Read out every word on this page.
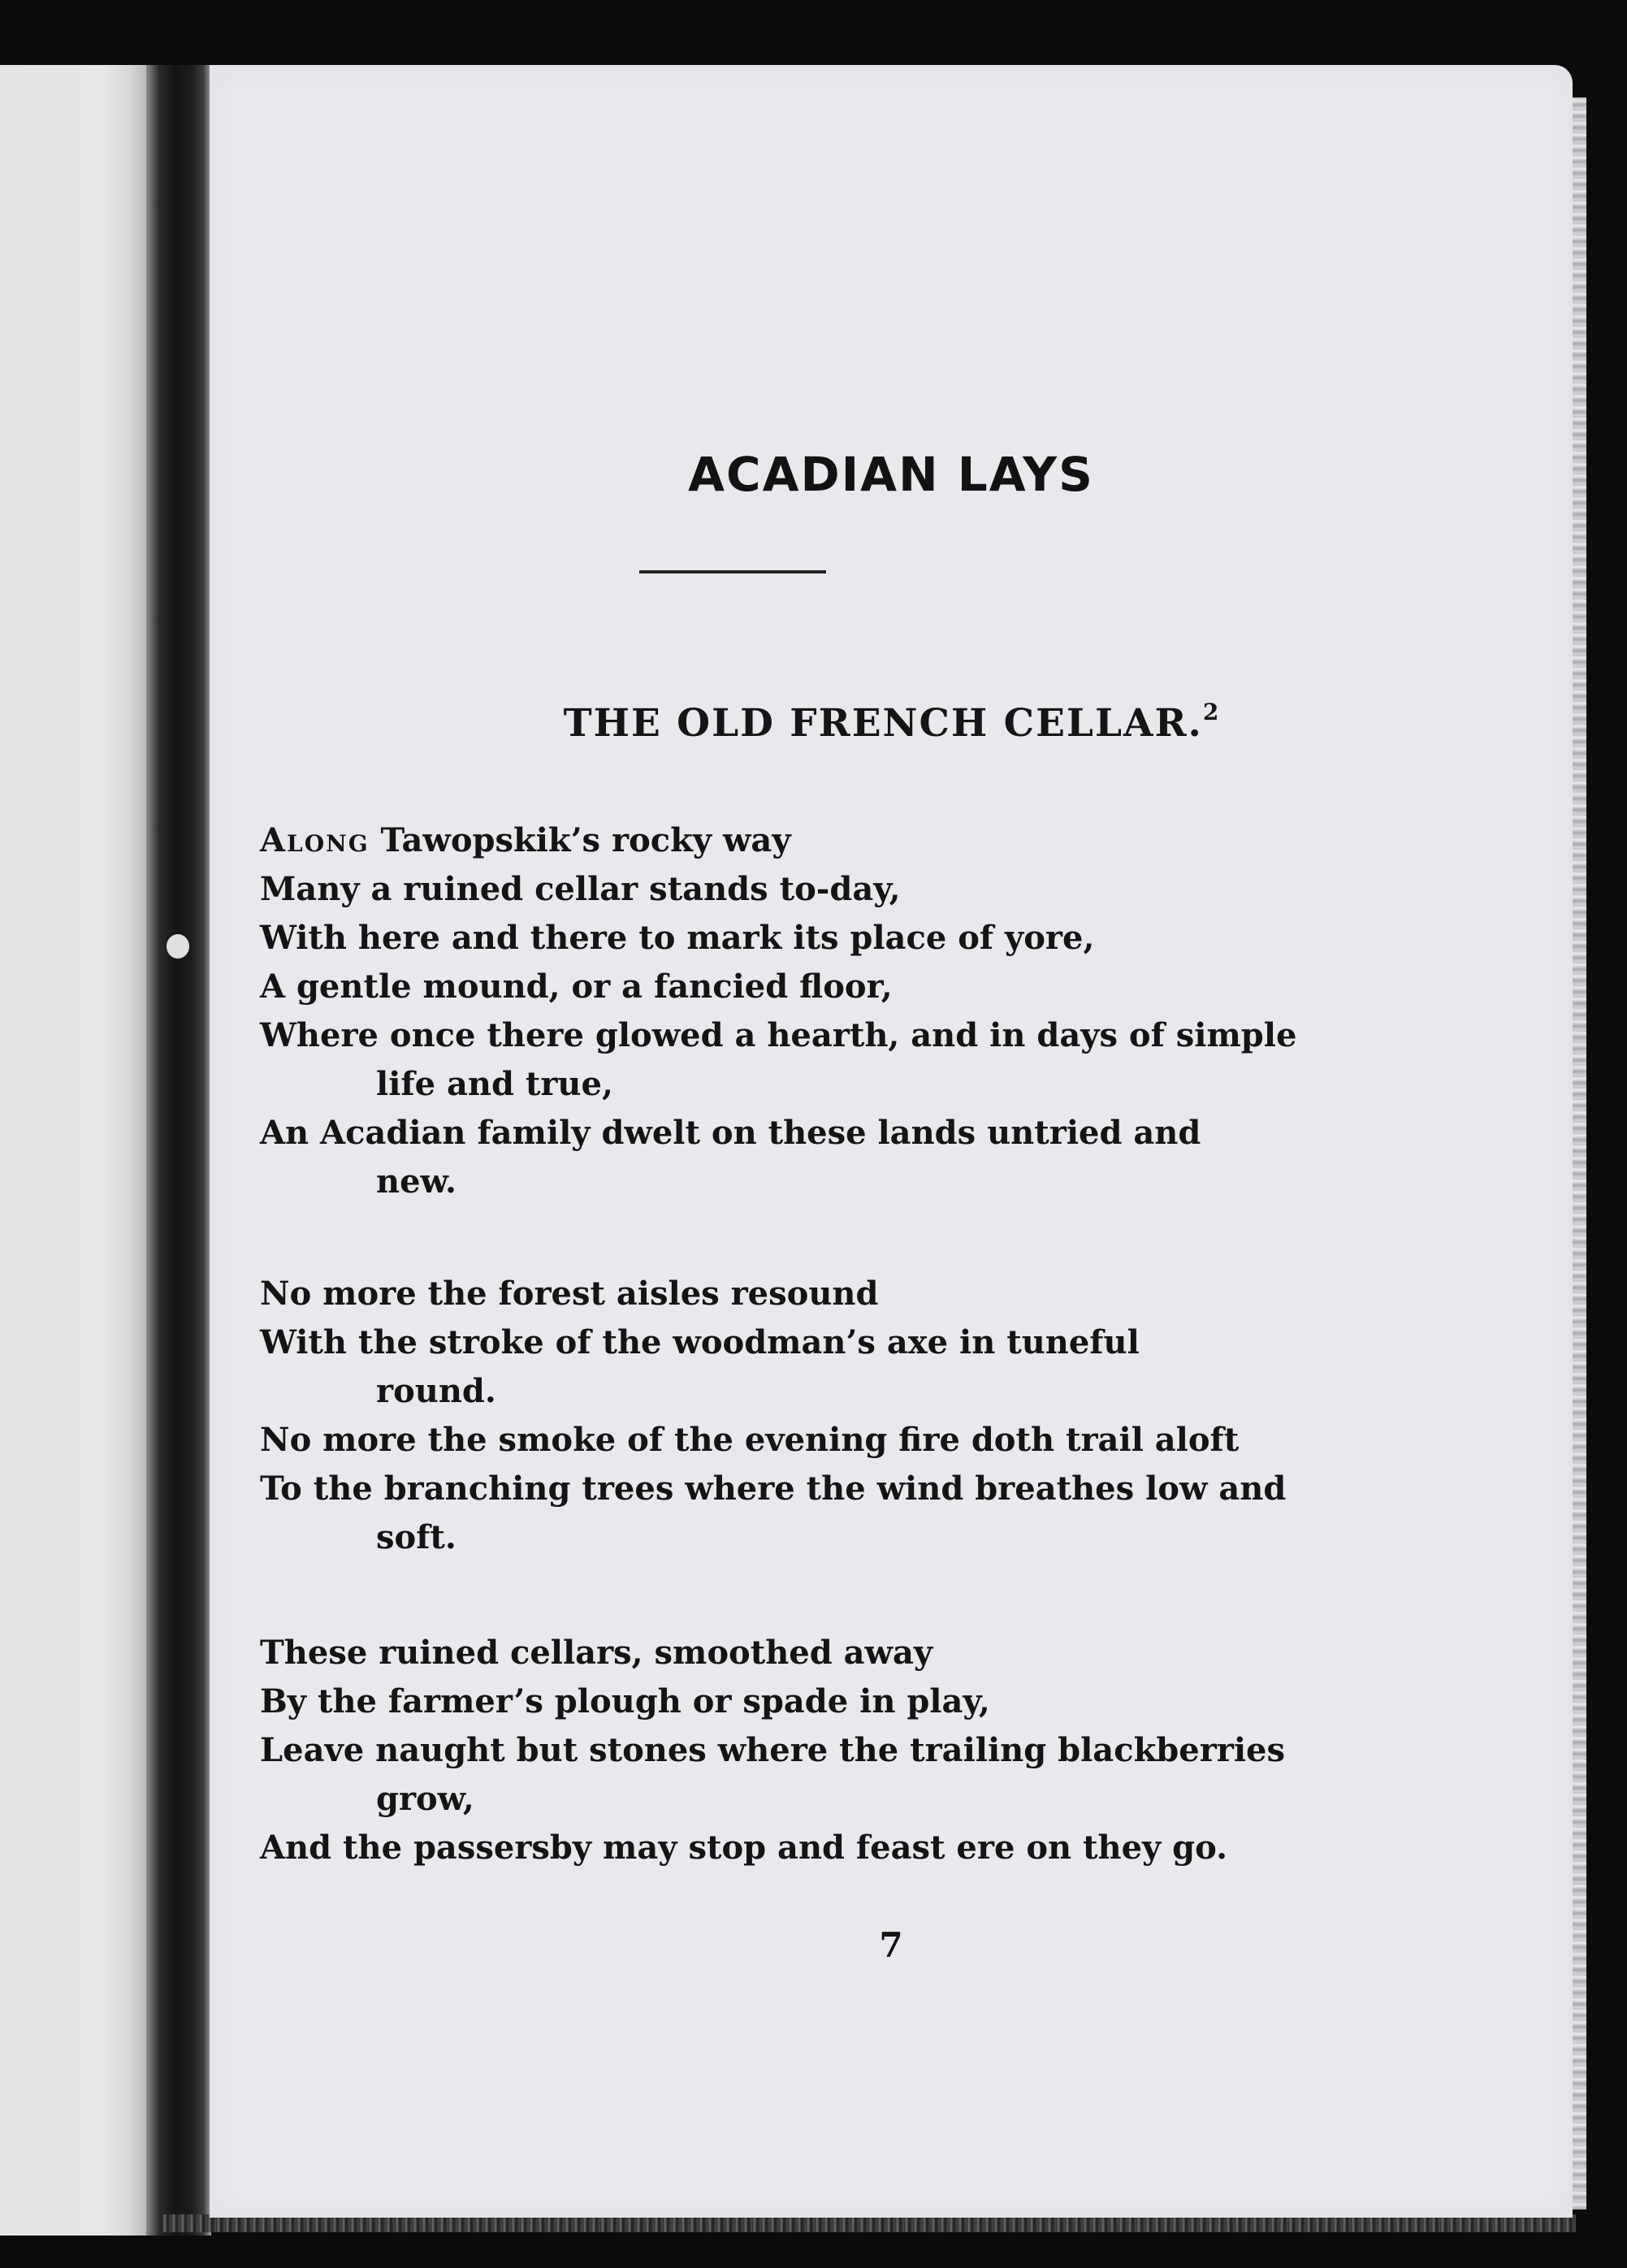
ACADIAN LAYS
THE OLD FRENCH CELLAR.$^2$
Along Tawopskik’s rocky way
Many a ruined cellar stands to-day,
With here and there to mark its place of yore,
A gentle mound, or a fancied floor,
Where once there glowed a hearth, and in days of simple
life and true,
An Acadian family dwelt on these lands untried and
new.
No more the forest aisles resound
With the stroke of the woodman’s axe in tuneful
round.
No more the smoke of the evening fire doth trail aloft
To the branching trees where the wind breathes low and
soft.
These ruined cellars, smoothed away
By the farmer’s plough or spade in play,
Leave naught but stones where the trailing blackberries
grow,
And the passersby may stop and feast ere on they go.
7
